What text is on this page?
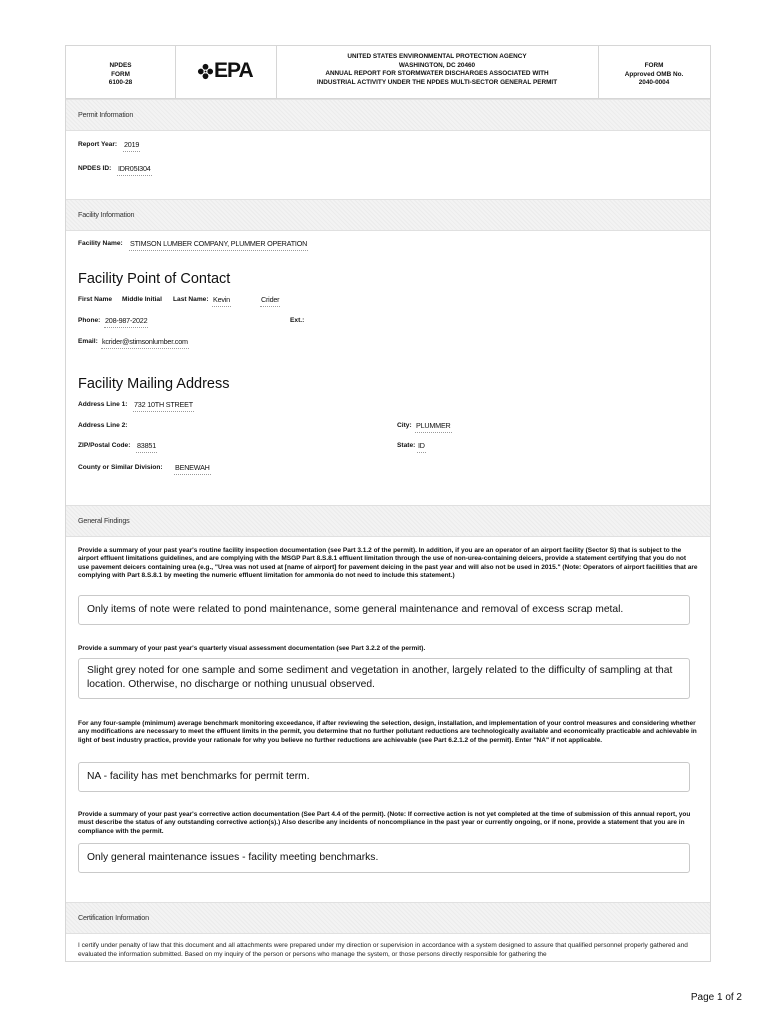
NPDES
FORM
6100-28
EPA
UNITED STATES ENVIRONMENTAL PROTECTION AGENCY
WASHINGTON, DC 20460
ANNUAL REPORT FOR STORMWATER DISCHARGES ASSOCIATED WITH
INDUSTRIAL ACTIVITY UNDER THE NPDES MULTI-SECTOR GENERAL PERMIT
FORM
Approved OMB No.
2040-0004
Permit Information
Report Year: 2019
NPDES ID: IDR05I304
Facility Information
Facility Name: STIMSON LUMBER COMPANY, PLUMMER OPERATION
Facility Point of Contact
First Name Middle Initial Last Name: Kevin	Crider
Phone: 208-987-2022	Ext.:
Email: kcrider@stimsonlumber.com
Facility Mailing Address
Address Line 1: 732 10TH STREET
Address Line 2:	City: PLUMMER
ZIP/Postal Code: 83851	State: ID
County or Similar Division: BENEWAH
General Findings
Provide a summary of your past year's routine facility inspection documentation (see Part 3.1.2 of the permit). In addition, if you are an operator of an airport facility (Sector S) that is subject to the airport effluent limitations guidelines, and are complying with the MSGP Part 8.S.8.1 effluent limitation through the use of non-urea-containing deicers, provide a statement certifying that you do not use pavement deicers containing urea (e.g., "Urea was not used at [name of airport] for pavement deicing in the past year and will also not be used in 2015." (Note: Operators of airport facilities that are complying with Part 8.S.8.1 by meeting the numeric effluent limitation for ammonia do not need to include this statement.)
Only items of note were related to pond maintenance, some general maintenance and removal of excess scrap metal.
Provide a summary of your past year's quarterly visual assessment documentation (see Part 3.2.2 of the permit).
Slight grey noted for one sample and some sediment and vegetation in another, largely related to the difficulty of sampling at that location. Otherwise, no discharge or nothing unusual observed.
For any four-sample (minimum) average benchmark monitoring exceedance, if after reviewing the selection, design, installation, and implementation of your control measures and considering whether any modifications are necessary to meet the effluent limits in the permit, you determine that no further pollutant reductions are technologically available and economically practicable and achievable in light of best industry practice, provide your rationale for why you believe no further reductions are achievable (see Part 6.2.1.2 of the permit). Enter "NA" if not applicable.
NA - facility has met benchmarks for permit term.
Provide a summary of your past year's corrective action documentation (See Part 4.4 of the permit). (Note: If corrective action is not yet completed at the time of submission of this annual report, you must describe the status of any outstanding corrective action(s).) Also describe any incidents of noncompliance in the past year or currently ongoing, or if none, provide a statement that you are in compliance with the permit.
Only general maintenance issues - facility meeting benchmarks.
Certification Information
I certify under penalty of law that this document and all attachments were prepared under my direction or supervision in accordance with a system designed to assure that qualified personnel properly gathered and evaluated the information submitted. Based on my inquiry of the person or persons who manage the system, or those persons directly responsible for gathering the
Page 1 of 2
